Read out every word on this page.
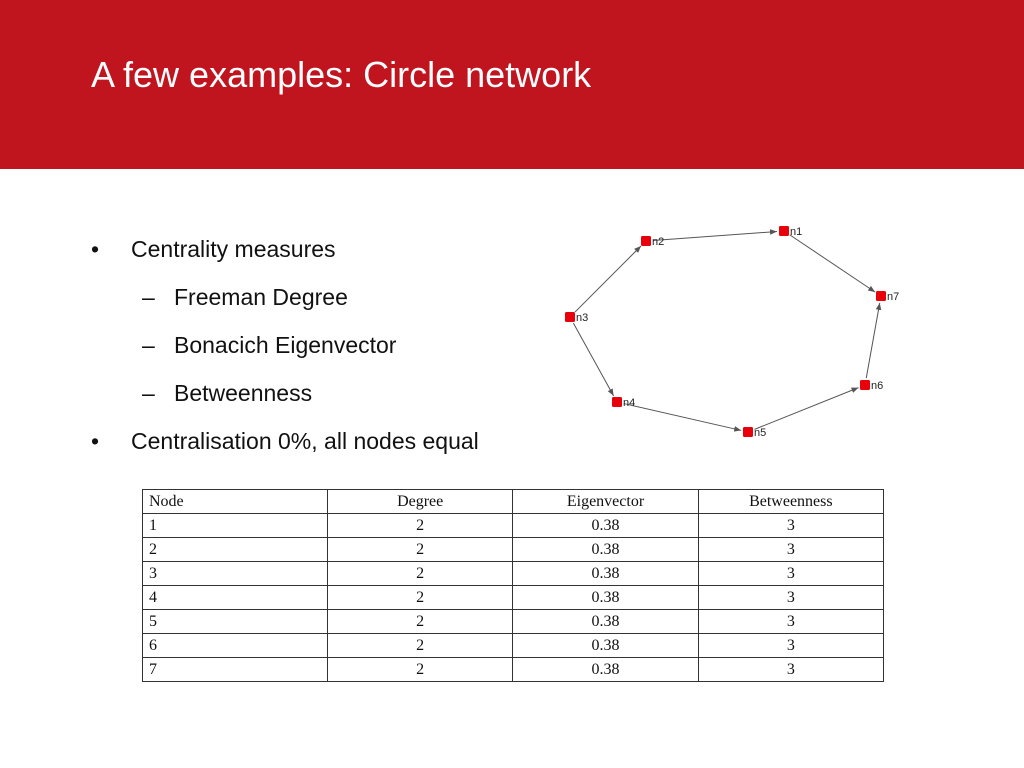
A few examples: Circle network
• Centrality measures
– Freeman Degree
– Bonacich Eigenvector
– Betweenness
• Centralisation 0%, all nodes equal
n1
n2
n3
n4
n5
n6
n7
Node	Degree	Eigenvector	Betweenness
1	2	0.38	3
2	2	0.38	3
3	2	0.38	3
4	2	0.38	3
5	2	0.38	3
6	2	0.38	3
7	2	0.38	3
